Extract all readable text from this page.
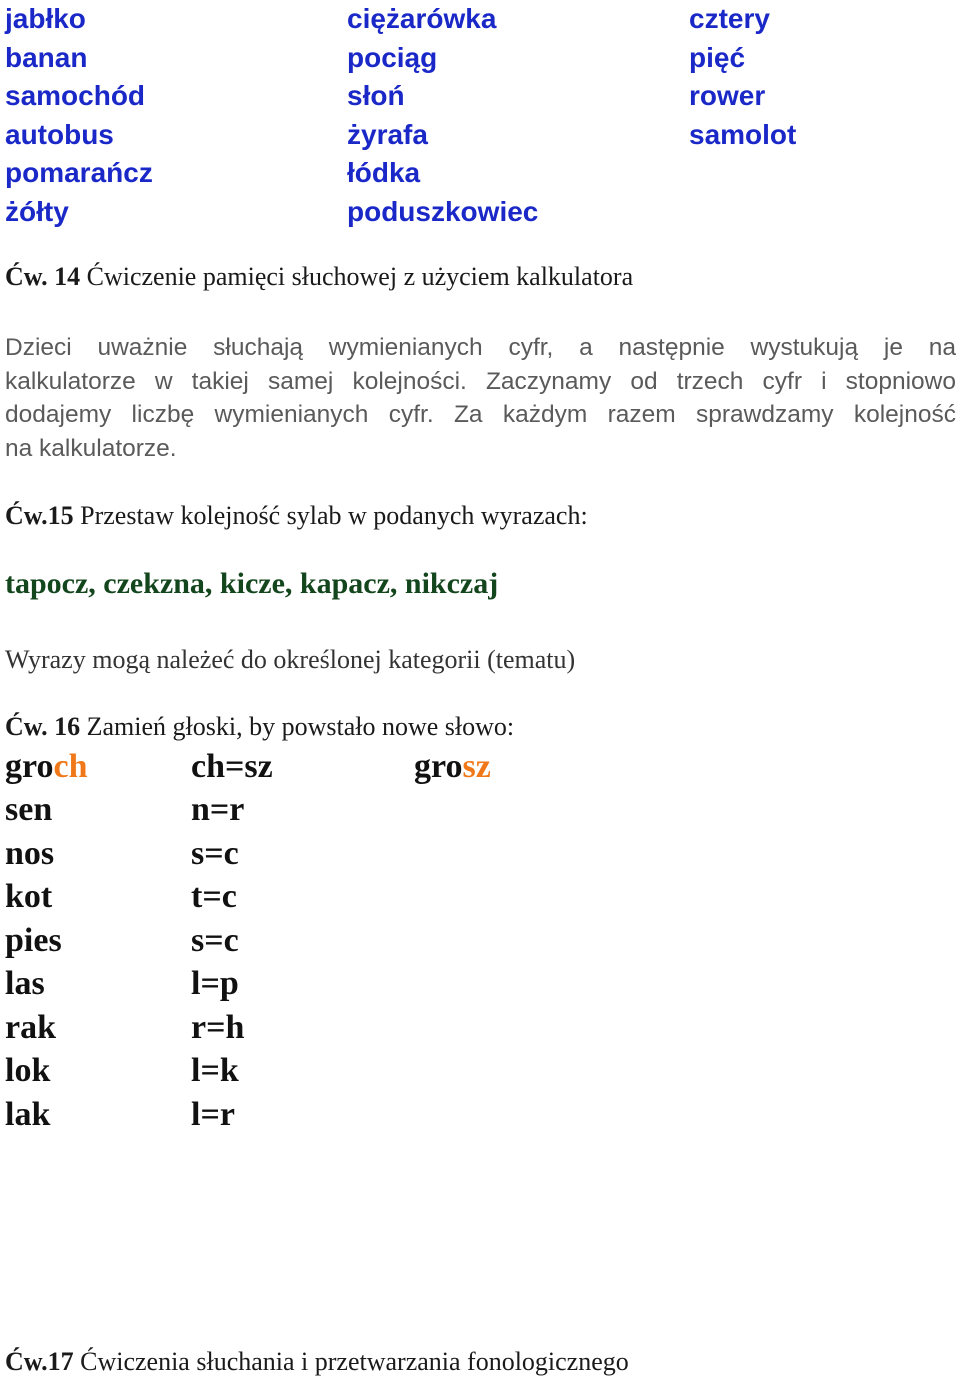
jabłko
banan
samochód
autobus
pomarańcz
żółty
ciężarówka
pociąg
słoń
żyrafa
łódka
poduszkowiec
cztery
pięć
rower
samolot
Ćw. 14 Ćwiczenie pamięci słuchowej z użyciem kalkulatora
Dzieci uważnie słuchają wymienianych cyfr, a następnie wystukują je na
kalkulatorze w takiej samej kolejności. Zaczynamy od trzech cyfr i stopniowo
dodajemy liczbę wymienianych cyfr. Za każdym razem sprawdzamy kolejność
na kalkulatorze.
Ćw.15 Przestaw kolejność sylab w podanych wyrazach:
tapocz, czekzna, kicze, kapacz, nikczaj
Wyrazy mogą należeć do określonej kategorii (tematu)
Ćw. 16 Zamień głoski, by powstało nowe słowo:
groch	ch=sz	grosz
sen	n=r
nos	s=c
kot	t=c
pies	s=c
las	l=p
rak	r=h
lok	l=k
lak	l=r
Ćw.17 Ćwiczenia słuchania i przetwarzania fonologicznego
